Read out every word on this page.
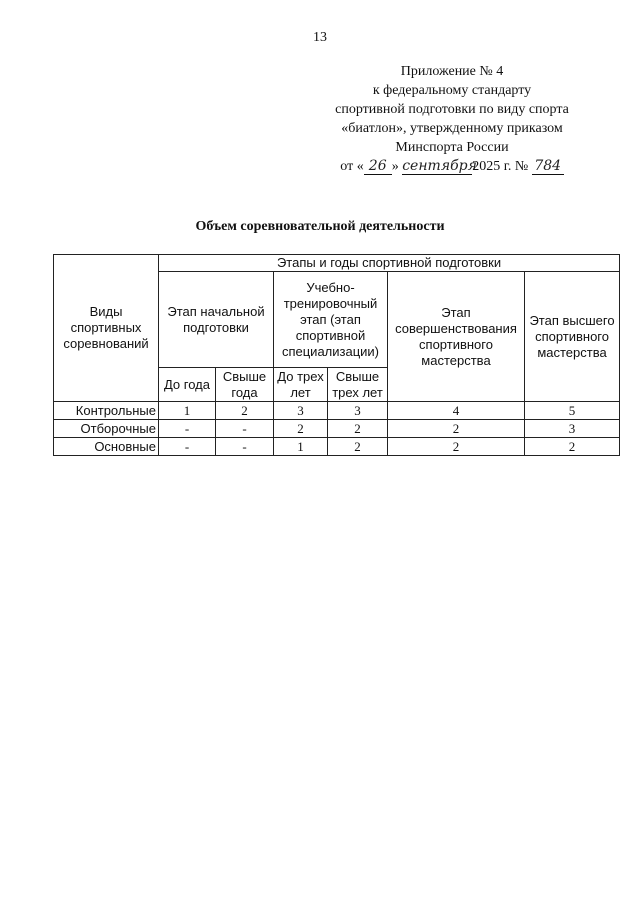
13
Приложение № 4
к федеральному стандарту
спортивной подготовки по виду спорта
«биатлон», утвержденному приказом
Минспорта России
от « 26 » сентября2025 г. № 784
Объем соревновательной деятельности
Виды спортивных соревнований	Этапы и годы спортивной подготовки					
	Этап начальной подготовки		Учебно-тренировочный этап (этап спортивной специализации)		Этап совершенствования спортивного мастерства	Этап высшего спортивного мастерства
	До года	Свыше года	До трех лет	Свыше трех лет		
Контрольные	1	2	3	3	4	5
Отборочные	-	-	2	2	2	3
Основные	-	-	1	2	2	2
